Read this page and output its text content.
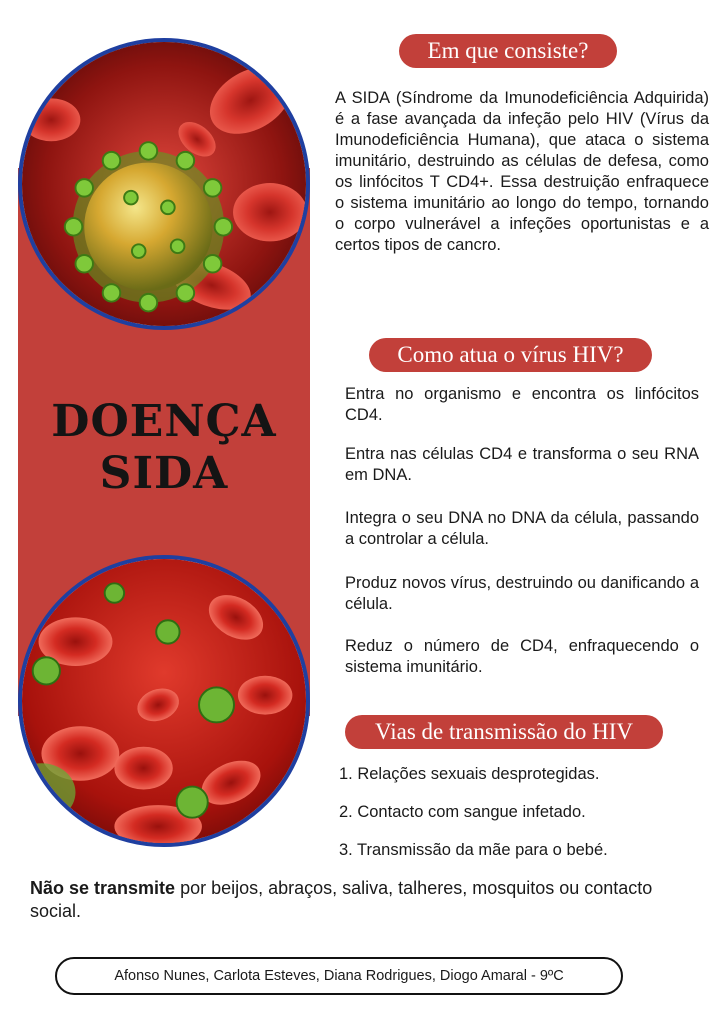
DOENÇA
SIDA
Em que consiste?

A SIDA (Síndrome da Imunodeficiência Adquirida) é a fase avançada da infeção pelo HIV (Vírus da Imunodeficiência Humana), que ataca o sistema imunitário, destruindo as células de defesa, como os linfócitos T CD4+. Essa destruição enfraquece o sistema imunitário ao longo do tempo, tornando o corpo vulnerável a infeções oportunistas e a certos tipos de cancro.

Como atua o vírus HIV?

Entra no organismo e encontra os linfócitos CD4.

Entra nas células CD4 e transforma o seu RNA em DNA.

Integra o seu DNA no DNA da célula, passando a controlar a célula.

Produz novos vírus, destruindo ou danificando a célula.

Reduz o número de CD4, enfraquecendo o sistema imunitário.

Vias de transmissão do HIV
1. Relações sexuais desprotegidas.
2. Contacto com sangue infetado.
3. Transmissão da mãe para o bebé.

Não se transmite por beijos, abraços, saliva, talheres, mosquitos ou contacto social.

Afonso Nunes, Carlota Esteves, Diana Rodrigues, Diogo Amaral - 9ºC
